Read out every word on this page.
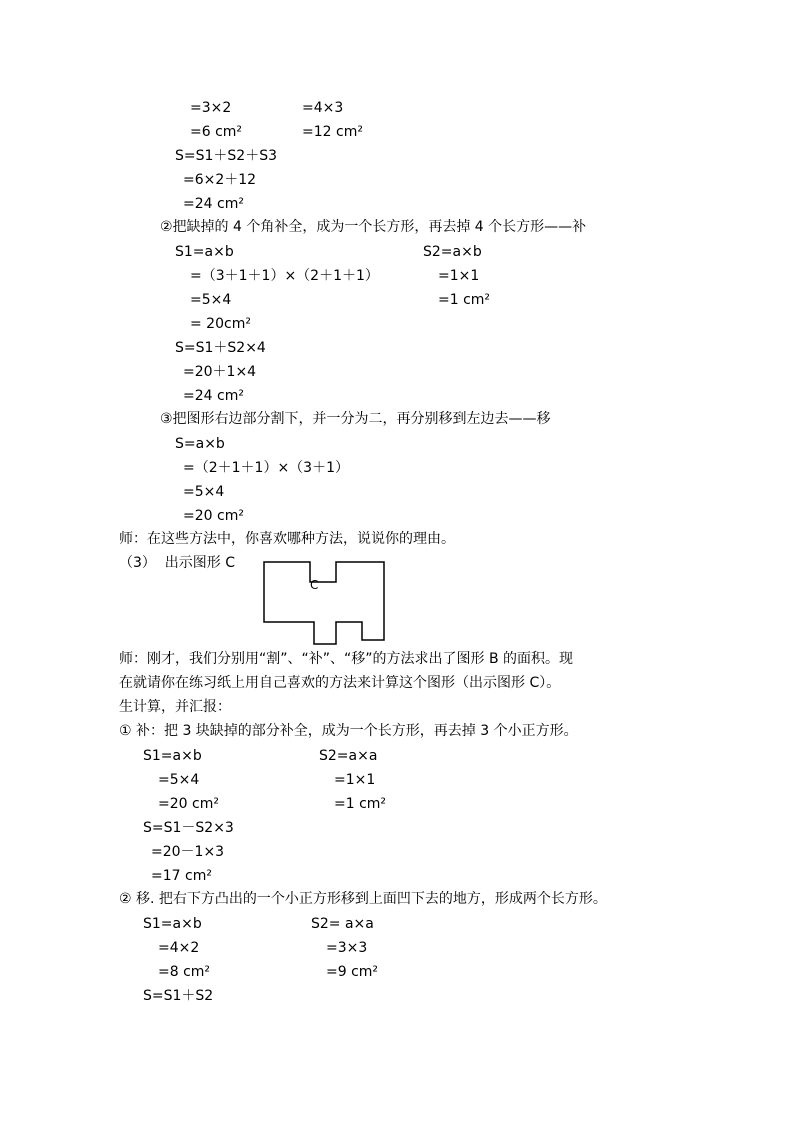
=3×2	=4×3
=6 cm²	=12 cm²
S=S1＋S2＋S3
=6×2＋12
=24 cm²
②把缺掉的 4 个角补全，成为一个长方形，再去掉 4 个长方形——补
S1=a×b	S2=a×b
=（3＋1＋1）×（2＋1＋1）	=1×1
=5×4	=1 cm²
= 20cm²
S=S1＋S2×4
=20＋1×4
=24 cm²
③把图形右边部分割下，并一分为二，再分别移到左边去——移
S=a×b
=（2＋1＋1）×（3＋1）
=5×4
=20 cm²
师：在这些方法中，你喜欢哪种方法，说说你的理由。
（3）  出示图形 C
C
师：刚才，我们分别用“割”、“补”、“移”的方法求出了图形 B 的面积。现
在就请你在练习纸上用自己喜欢的方法来计算这个图形（出示图形 C）。
生计算，并汇报：
① 补：把 3 块缺掉的部分补全，成为一个长方形，再去掉 3 个小正方形。
S1=a×b	S2=a×a
=5×4	=1×1
=20 cm²	=1 cm²
S=S1－S2×3
=20－1×3
=17 cm²
② 移. 把右下方凸出的一个小正方形移到上面凹下去的地方，形成两个长方形。
S1=a×b	S2= a×a
=4×2	=3×3
=8 cm²	=9 cm²
S=S1＋S2
